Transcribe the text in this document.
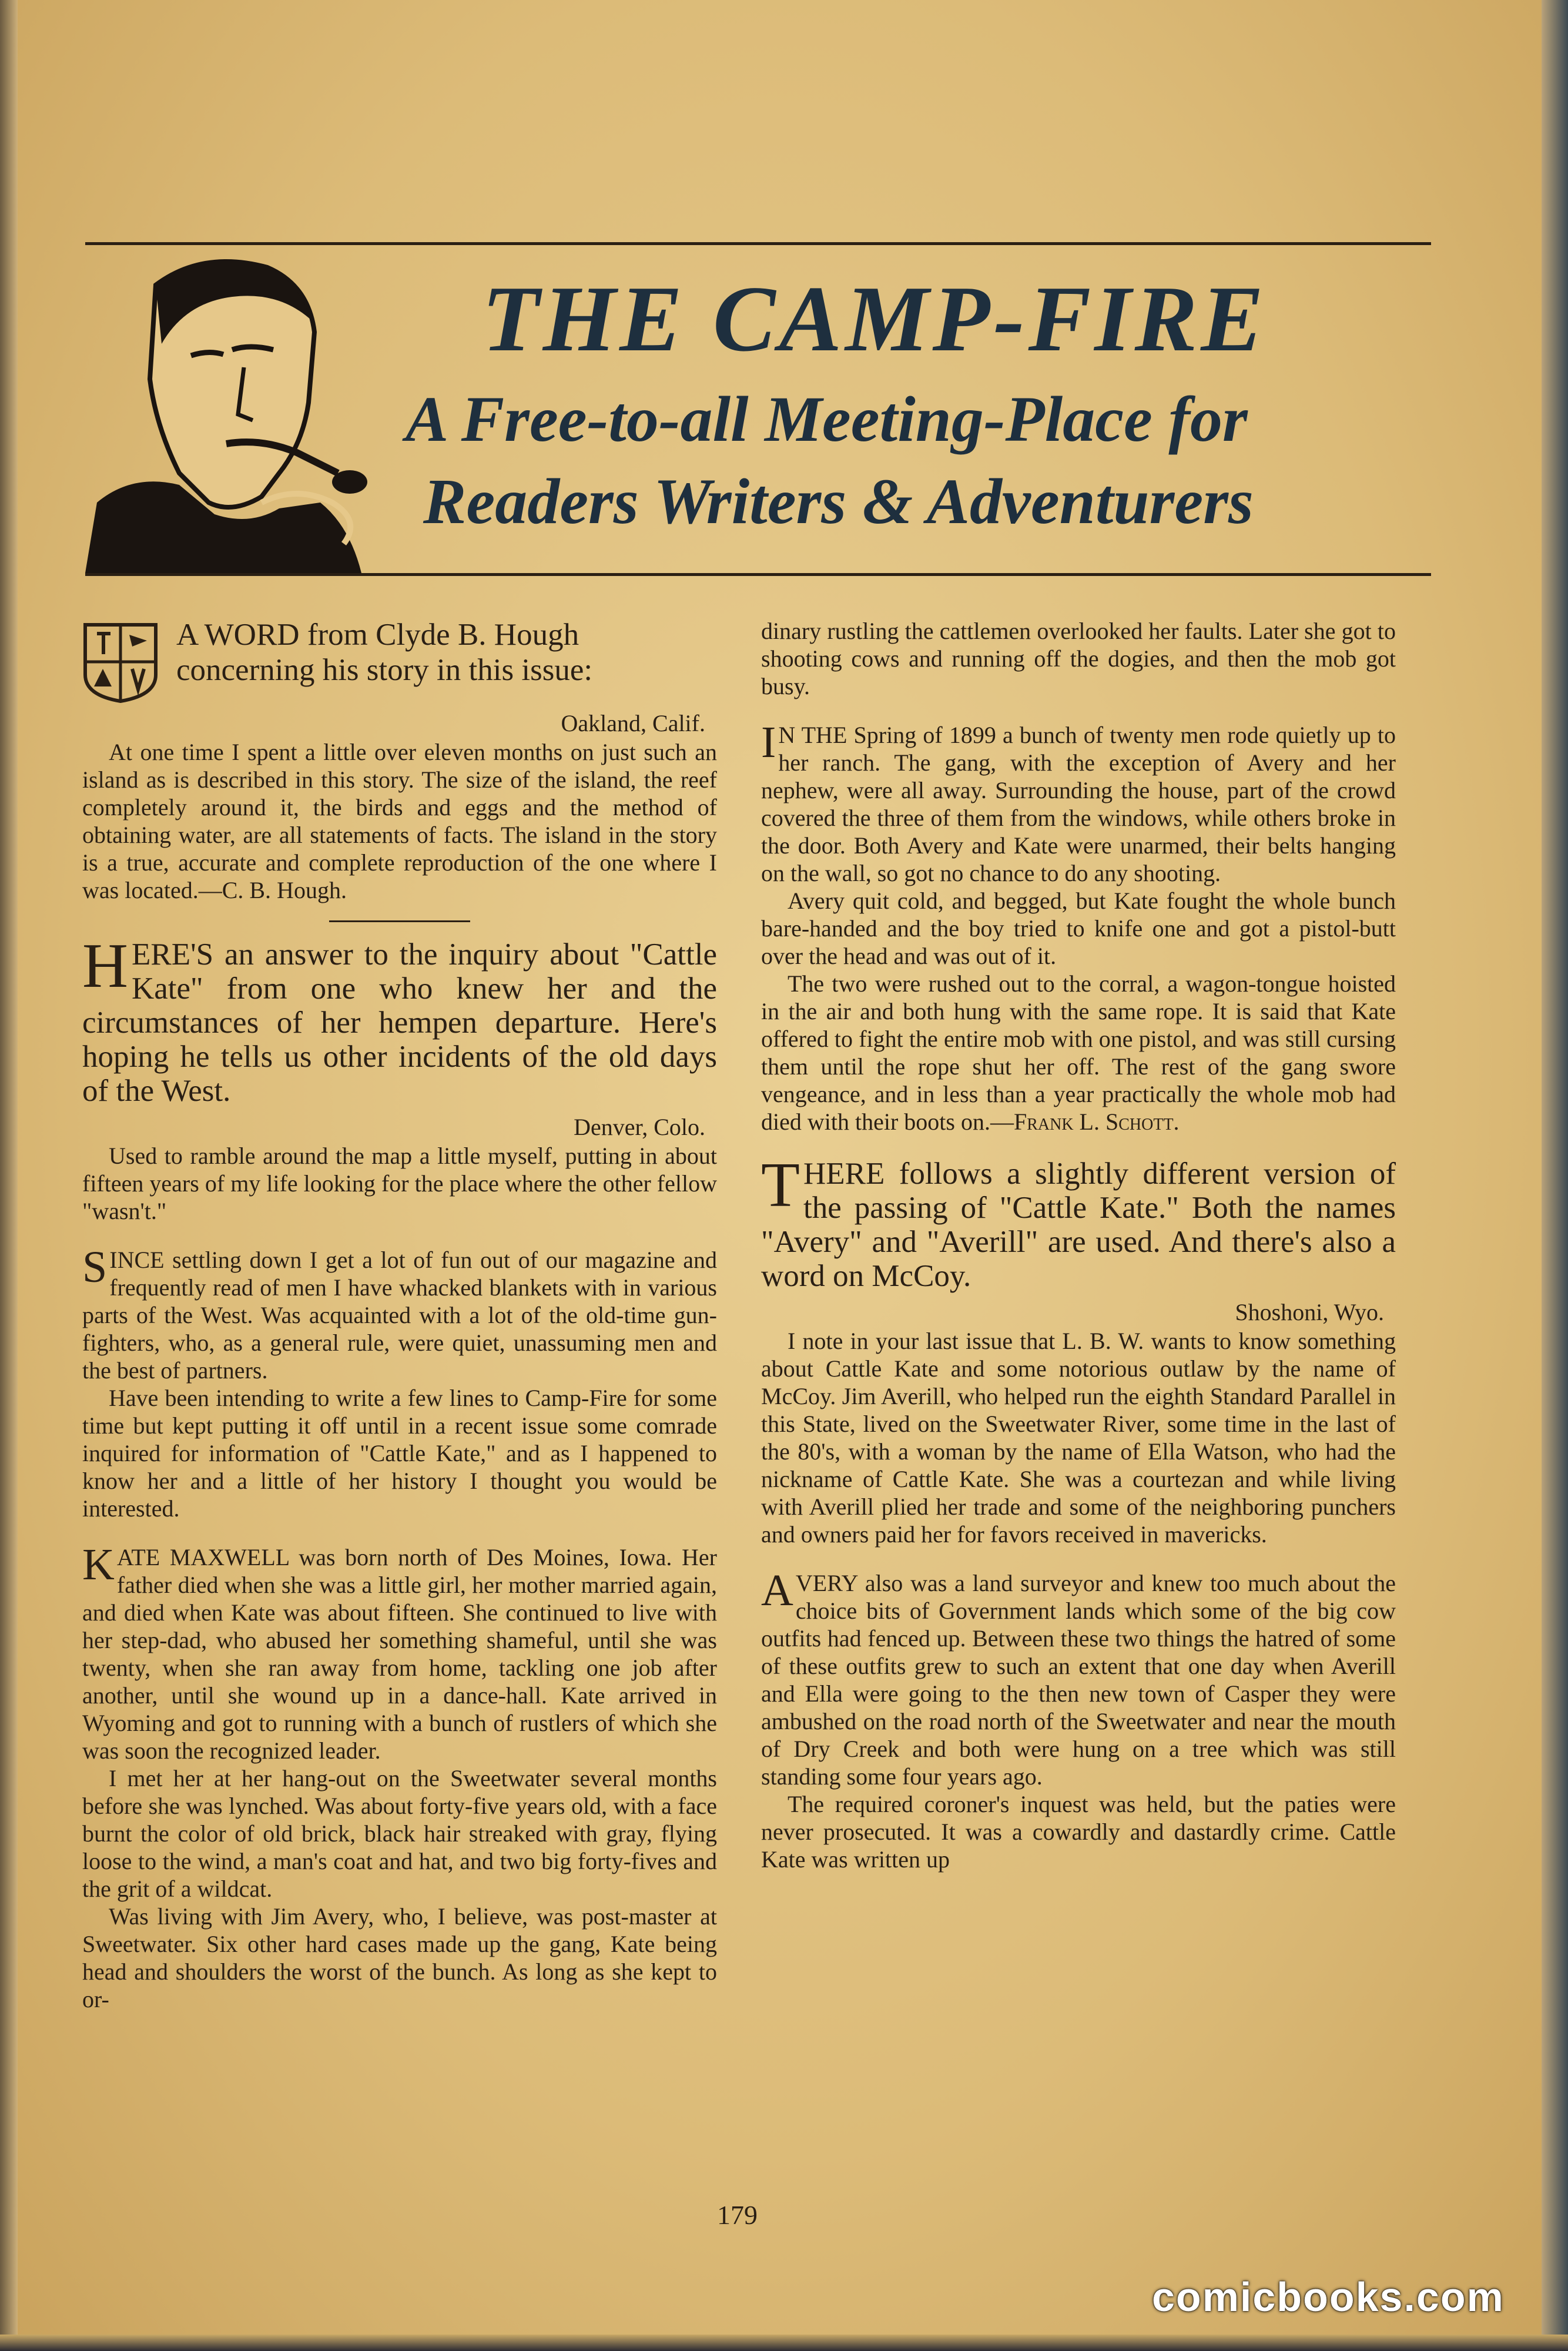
THE CAMP-FIRE
A Free-to-all Meeting-Place for
Readers Writers & Adventurers
A WORD from Clyde B. Hough concerning his story in this issue:
Oakland, Calif.

At one time I spent a little over eleven months on just such an island as is described in this story. The size of the island, the reef completely around it, the birds and eggs and the method of obtaining water, are all statements of facts. The island in the story is a true, accurate and complete reproduction of the one where I was located.—C. B. Hough.

HERE'S an answer to the inquiry about "Cattle Kate" from one who knew her and the circumstances of her hempen departure. Here's hoping he tells us other incidents of the old days of the West.

Denver, Colo.

Used to ramble around the map a little myself, putting in about fifteen years of my life looking for the place where the other fellow "wasn't."

SINCE settling down I get a lot of fun out of our magazine and frequently read of men I have whacked blankets with in various parts of the West. Was acquainted with a lot of the old-time gun-fighters, who, as a general rule, were quiet, unassuming men and the best of partners.

Have been intending to write a few lines to Camp-Fire for some time but kept putting it off until in a recent issue some comrade inquired for information of "Cattle Kate," and as I happened to know her and a little of her history I thought you would be interested.

KATE MAXWELL was born north of Des Moines, Iowa. Her father died when she was a little girl, her mother married again, and died when Kate was about fifteen. She continued to live with her step-dad, who abused her something shameful, until she was twenty, when she ran away from home, tackling one job after another, until she wound up in a dance-hall. Kate arrived in Wyoming and got to running with a bunch of rustlers of which she was soon the recognized leader.

I met her at her hang-out on the Sweetwater several months before she was lynched. Was about forty-five years old, with a face burnt the color of old brick, black hair streaked with gray, flying loose to the wind, a man's coat and hat, and two big forty-fives and the grit of a wildcat.

Was living with Jim Avery, who, I believe, was post-master at Sweetwater. Six other hard cases made up the gang, Kate being head and shoulders the worst of the bunch. As long as she kept to or-

dinary rustling the cattlemen overlooked her faults. Later she got to shooting cows and running off the dogies, and then the mob got busy.

I N THE Spring of 1899 a bunch of twenty men rode quietly up to her ranch. The gang, with the exception of Avery and her nephew, were all away. Surrounding the house, part of the crowd covered the three of them from the windows, while others broke in the door. Both Avery and Kate were unarmed, their belts hanging on the wall, so got no chance to do any shooting.

Avery quit cold, and begged, but Kate fought the whole bunch bare-handed and the boy tried to knife one and got a pistol-butt over the head and was out of it.

The two were rushed out to the corral, a wagon-tongue hoisted in the air and both hung with the same rope. It is said that Kate offered to fight the entire mob with one pistol, and was still cursing them until the rope shut her off. The rest of the gang swore vengeance, and in less than a year practically the whole mob had died with their boots on.—Frank L. Schott.

THERE follows a slightly different version of the passing of "Cattle Kate." Both the names "Avery" and "Averill" are used. And there's also a word on McCoy.

Shoshoni, Wyo.

I note in your last issue that L. B. W. wants to know something about Cattle Kate and some notorious outlaw by the name of McCoy. Jim Averill, who helped run the eighth Standard Parallel in this State, lived on the Sweetwater River, some time in the last of the 80's, with a woman by the name of Ella Watson, who had the nickname of Cattle Kate. She was a courtezan and while living with Averill plied her trade and some of the neighboring punchers and owners paid her for favors received in mavericks.

AVERY also was a land surveyor and knew too much about the choice bits of Government lands which some of the big cow outfits had fenced up. Between these two things the hatred of some of these outfits grew to such an extent that one day when Averill and Ella were going to the then new town of Casper they were ambushed on the road north of the Sweetwater and near the mouth of Dry Creek and both were hung on a tree which was still standing some four years ago.

The required coroner's inquest was held, but the paties were never prosecuted. It was a cowardly and dastardly crime. Cattle Kate was written up

179
comicbooks.com
